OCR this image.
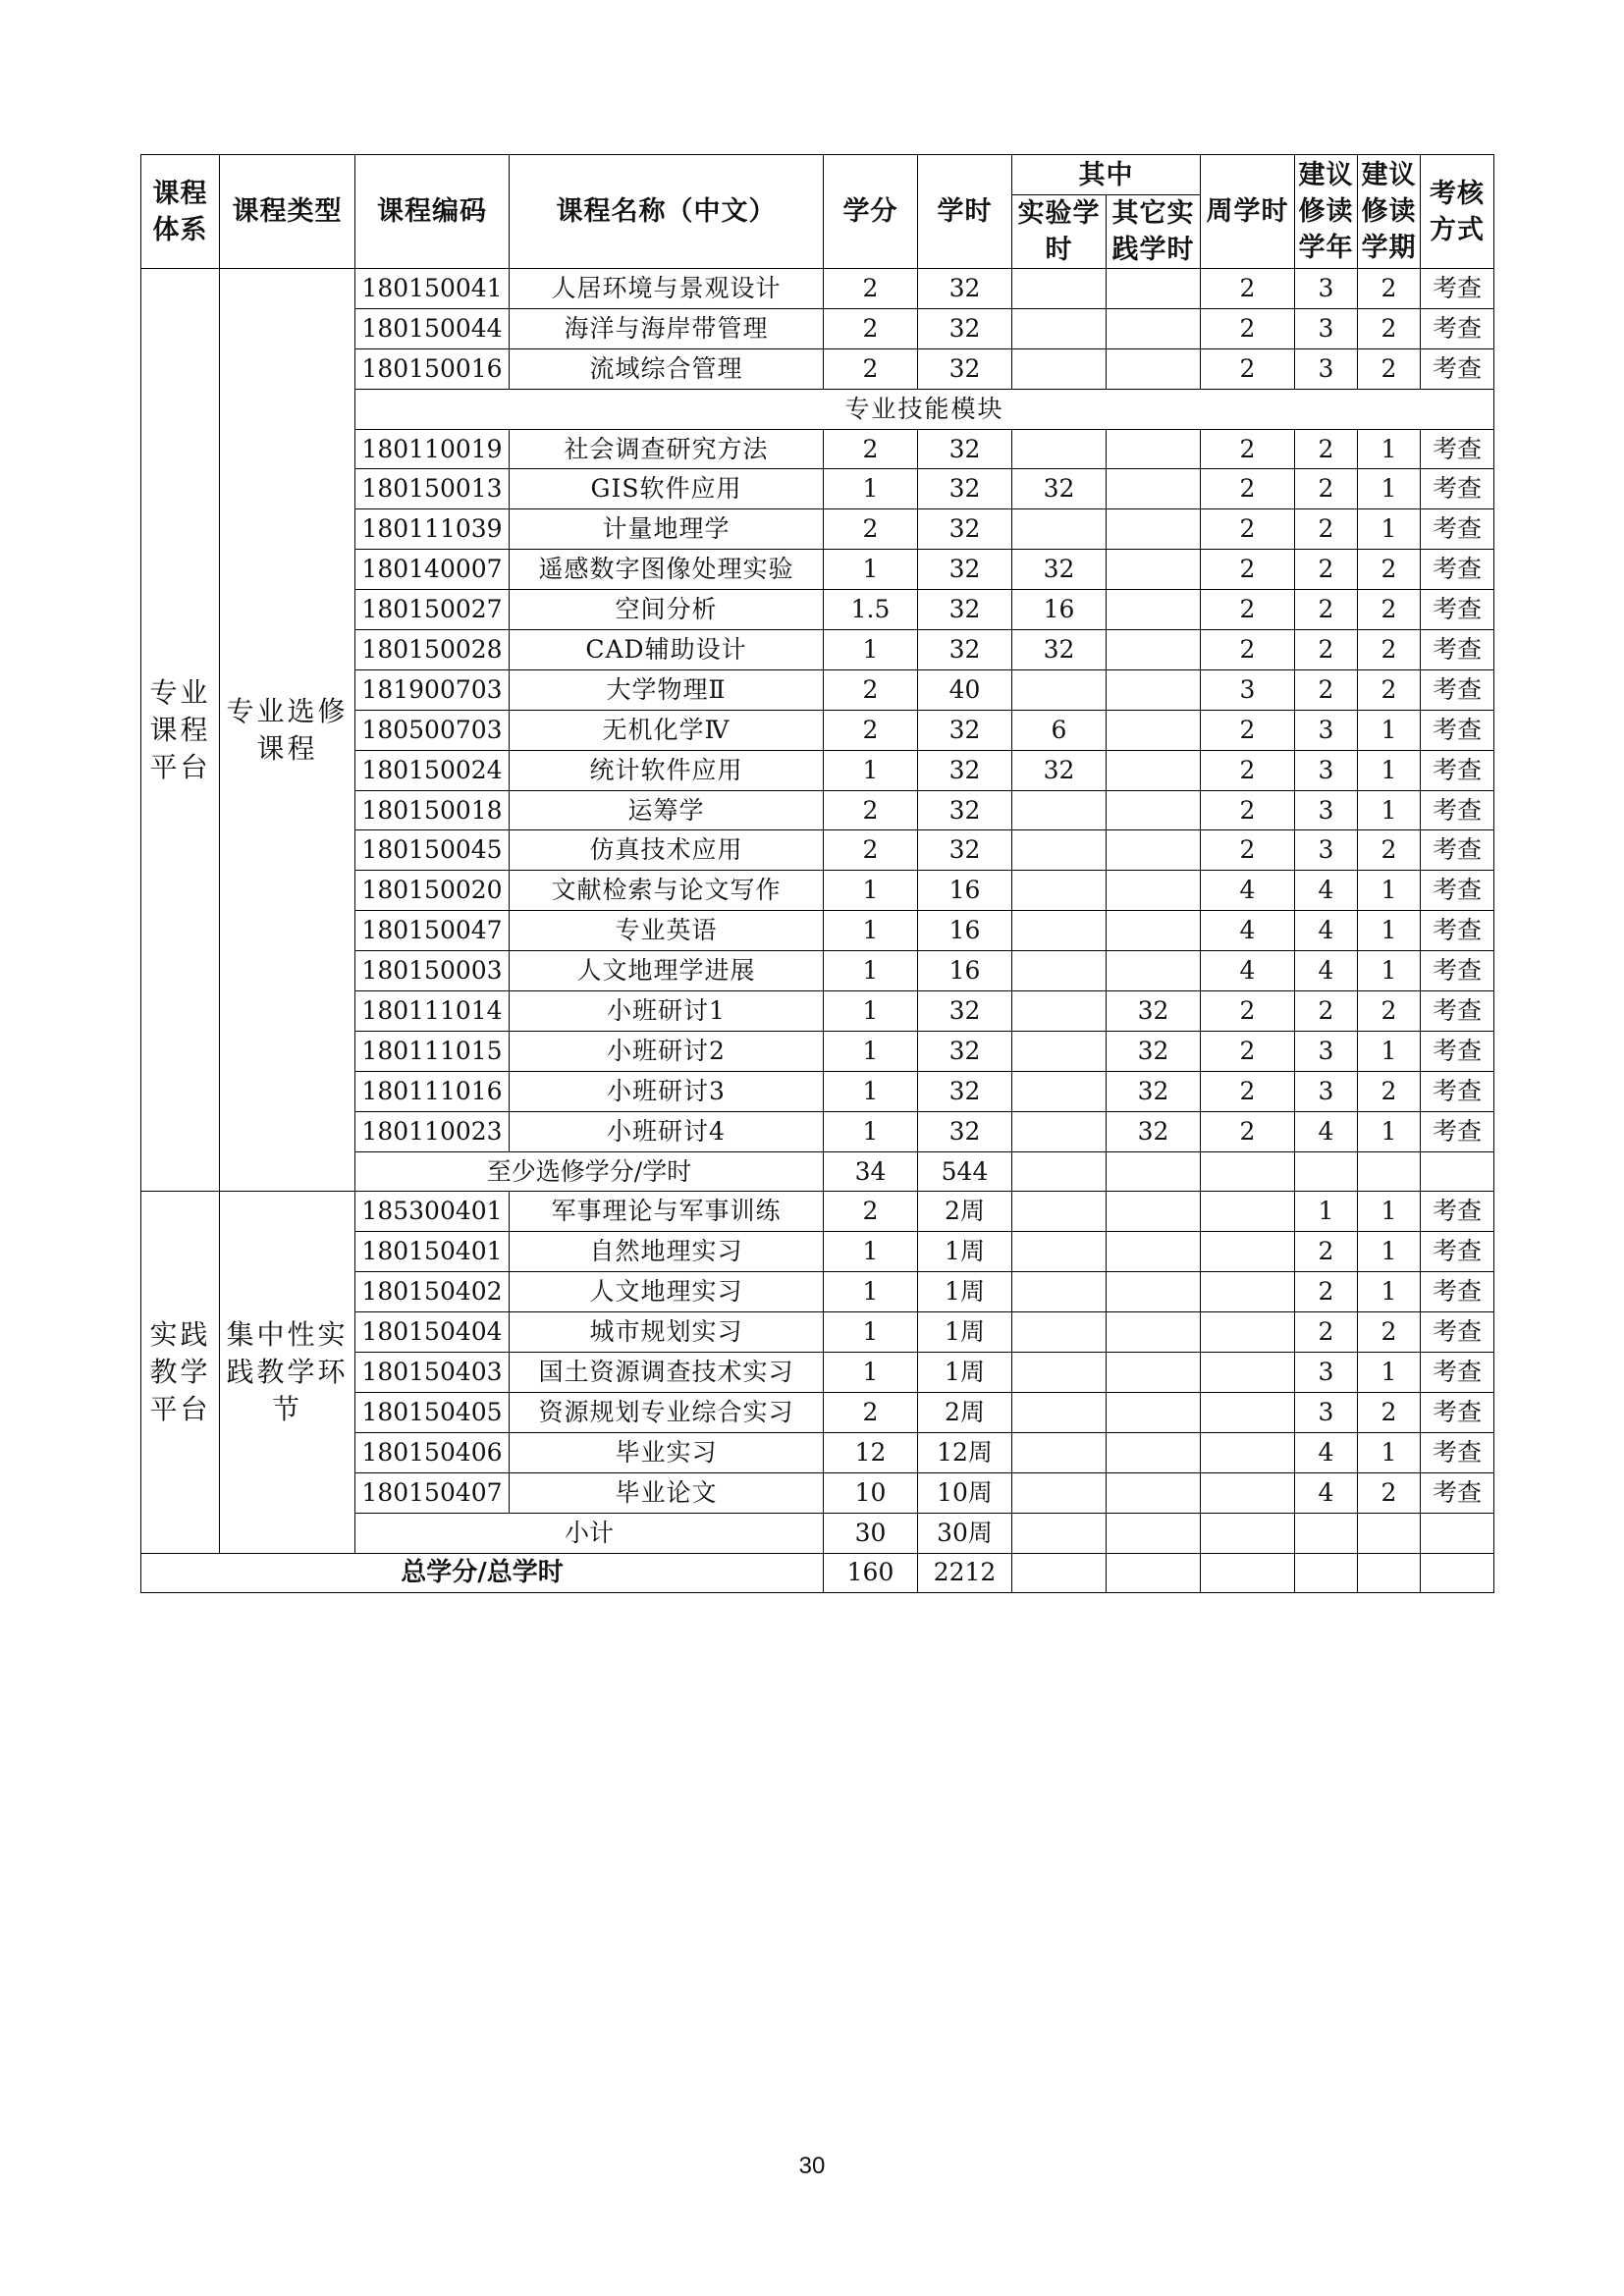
课程体系	课程类型	课程编码	课程名称（中文）	学分	学时	其中		周学时	建议修读学年	建议修读学期	考核方式
						实验学时	其它实践学时				
专业课程平台	专业选修课程	180150041	人居环境与景观设计	2	32			2	3	2	考查
		180150044	海洋与海岸带管理	2	32			2	3	2	考查
		180150016	流域综合管理	2	32			2	3	2	考查
		专业技能模块									
		180110019	社会调查研究方法	2	32			2	2	1	考查
		180150013	GIS软件应用	1	32	32		2	2	1	考查
		180111039	计量地理学	2	32			2	2	1	考查
		180140007	遥感数字图像处理实验	1	32	32		2	2	2	考查
		180150027	空间分析	1.5	32	16		2	2	2	考查
		180150028	CAD辅助设计	1	32	32		2	2	2	考查
		181900703	大学物理Ⅱ	2	40			3	2	2	考查
		180500703	无机化学Ⅳ	2	32	6		2	3	1	考查
		180150024	统计软件应用	1	32	32		2	3	1	考查
		180150018	运筹学	2	32			2	3	1	考查
		180150045	仿真技术应用	2	32			2	3	2	考查
		180150020	文献检索与论文写作	1	16			4	4	1	考查
		180150047	专业英语	1	16			4	4	1	考查
		180150003	人文地理学进展	1	16			4	4	1	考查
		180111014	小班研讨1	1	32		32	2	2	2	考查
		180111015	小班研讨2	1	32		32	2	3	1	考查
		180111016	小班研讨3	1	32		32	2	3	2	考查
		180110023	小班研讨4	1	32		32	2	4	1	考查
		至少选修学分/学时		34	544						
实践教学平台	集中性实践教学环节	185300401	军事理论与军事训练	2	2周				1	1	考查
		180150401	自然地理实习	1	1周				2	1	考查
		180150402	人文地理实习	1	1周				2	1	考查
		180150404	城市规划实习	1	1周				2	2	考查
		180150403	国土资源调查技术实习	1	1周				3	1	考查
		180150405	资源规划专业综合实习	2	2周				3	2	考查
		180150406	毕业实习	12	12周				4	1	考查
		180150407	毕业论文	10	10周				4	2	考查
		小计		30	30周						
总学分/总学时				160	2212						
30
